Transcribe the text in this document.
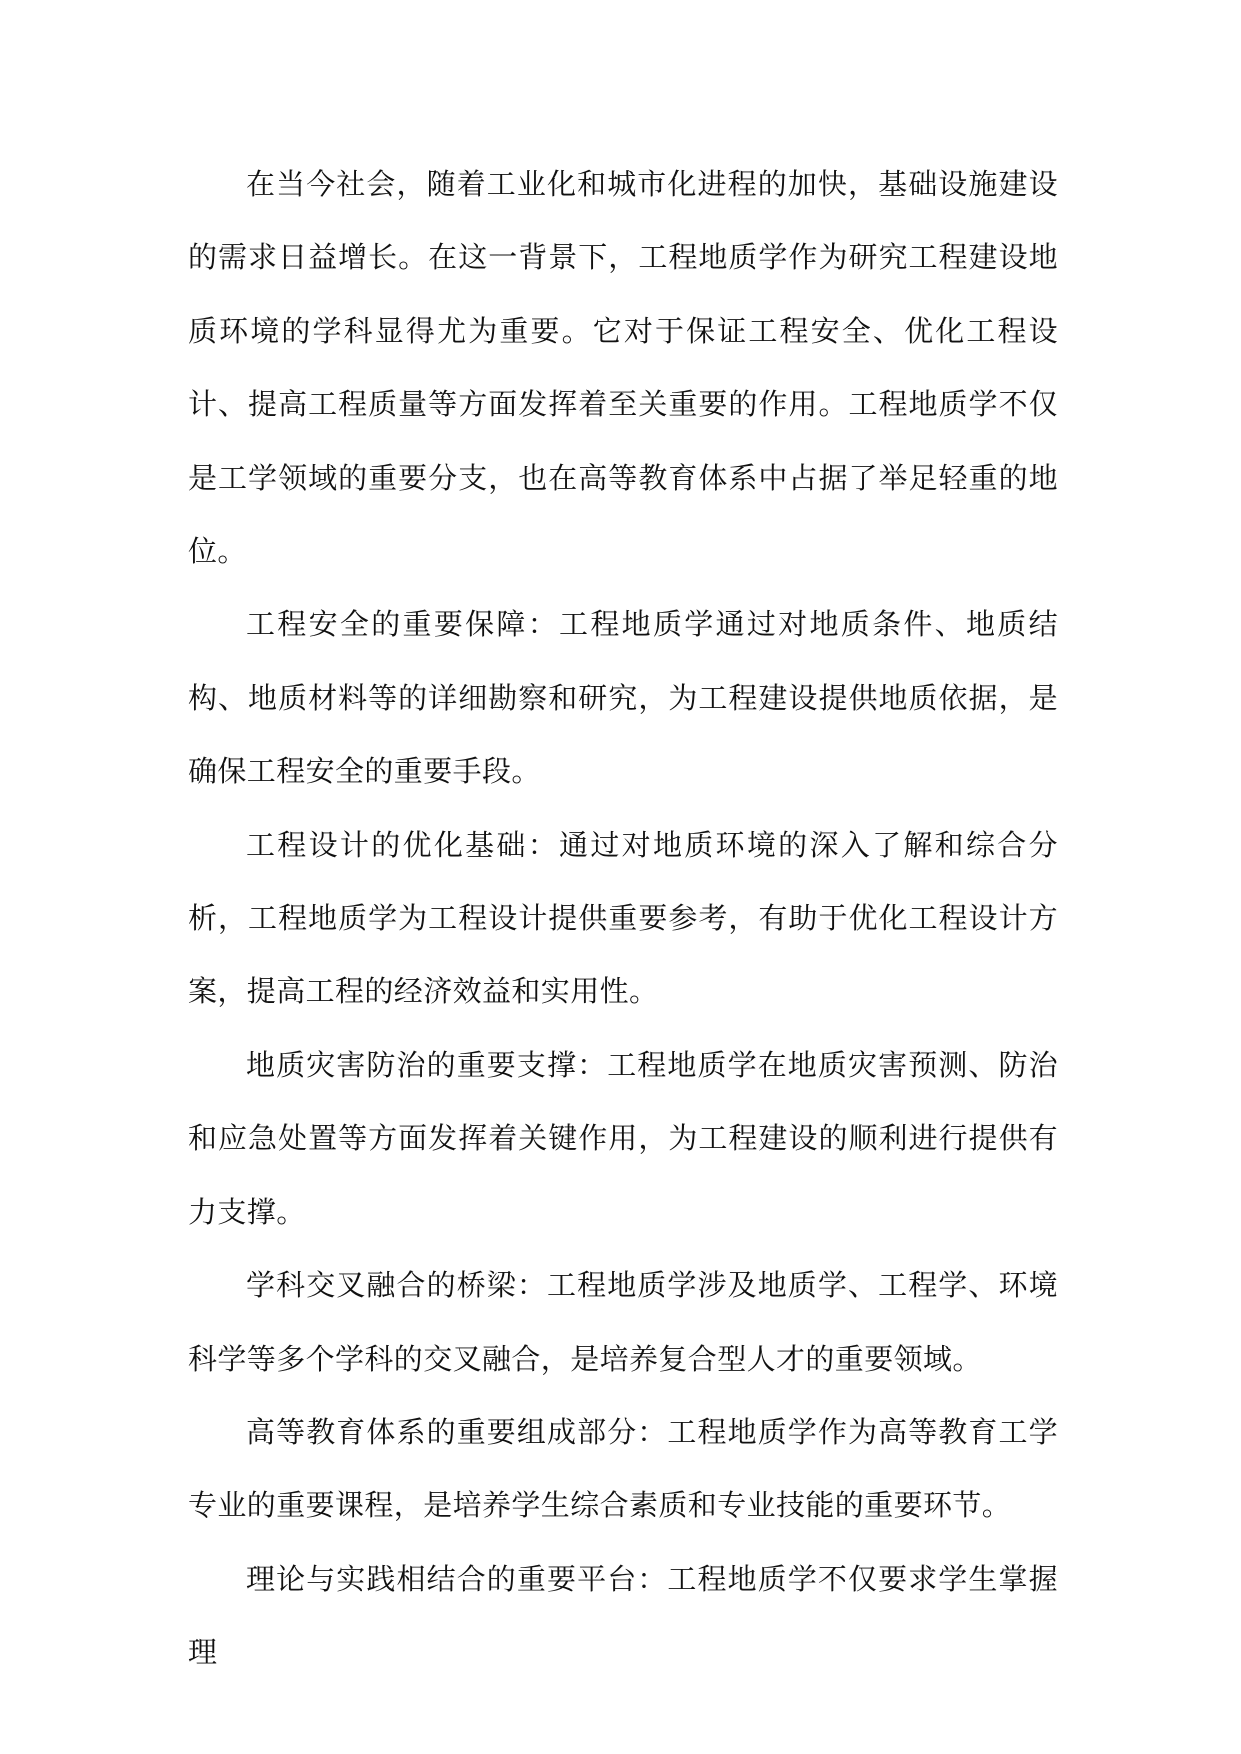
在当今社会，随着工业化和城市化进程的加快，基础设施建设的需求日益增长。在这一背景下，工程地质学作为研究工程建设地质环境的学科显得尤为重要。它对于保证工程安全、优化工程设计、提高工程质量等方面发挥着至关重要的作用。工程地质学不仅是工学领域的重要分支，也在高等教育体系中占据了举足轻重的地位。

工程安全的重要保障：工程地质学通过对地质条件、地质结构、地质材料等的详细勘察和研究，为工程建设提供地质依据，是确保工程安全的重要手段。

工程设计的优化基础：通过对地质环境的深入了解和综合分析，工程地质学为工程设计提供重要参考，有助于优化工程设计方案，提高工程的经济效益和实用性。

地质灾害防治的重要支撑：工程地质学在地质灾害预测、防治和应急处置等方面发挥着关键作用，为工程建设的顺利进行提供有力支撑。

学科交叉融合的桥梁：工程地质学涉及地质学、工程学、环境科学等多个学科的交叉融合，是培养复合型人才的重要领域。

高等教育体系的重要组成部分：工程地质学作为高等教育工学专业的重要课程，是培养学生综合素质和专业技能的重要环节。

理论与实践相结合的重要平台：工程地质学不仅要求学生掌握理
